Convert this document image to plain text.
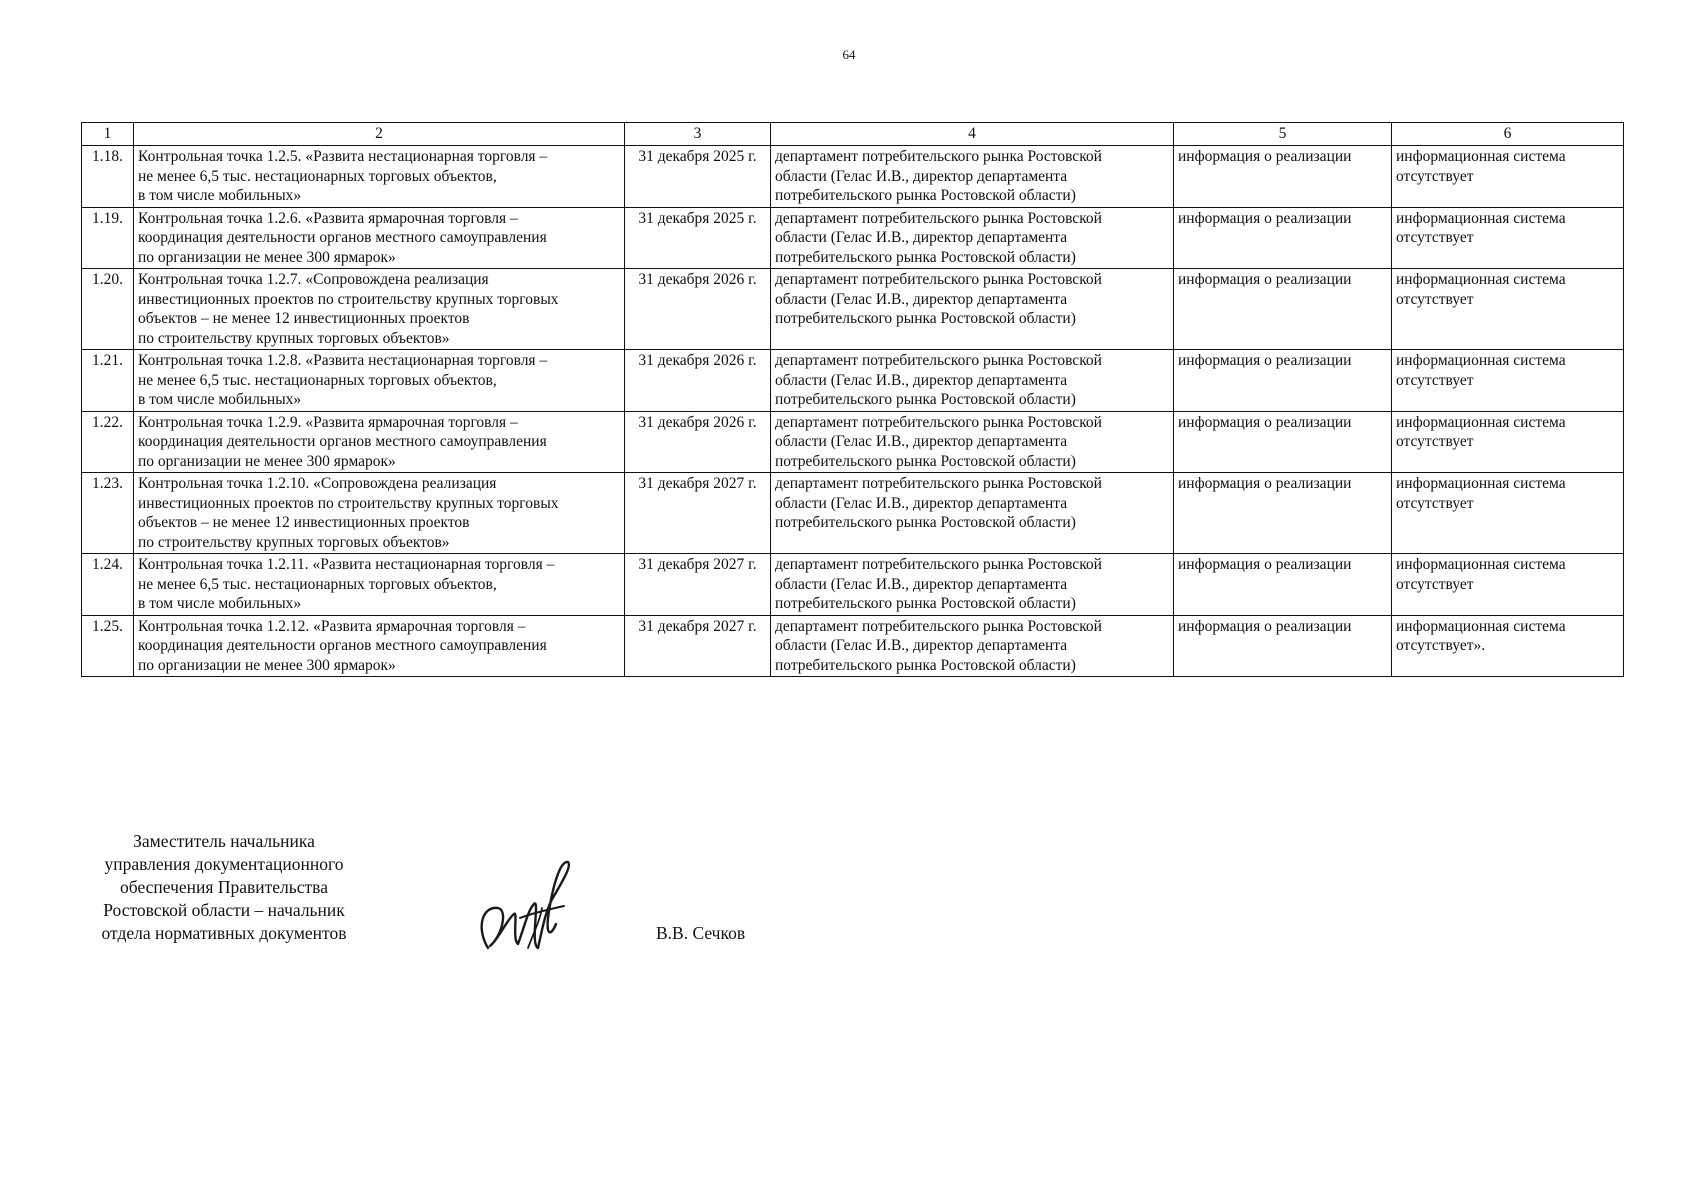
64
1	2	3	4	5	6
1.18.	Контрольная точка 1.2.5. «Развита нестационарная торговля –
не менее 6,5 тыс. нестационарных торговых объектов,
в том числе мобильных»	31 декабря 2025 г.	департамент потребительского рынка Ростовской
области (Гелас И.В., директор департамента
потребительского рынка Ростовской области)	информация о реализации	информационная система
отсутствует
1.19.	Контрольная точка 1.2.6. «Развита ярмарочная торговля –
координация деятельности органов местного самоуправления
по организации не менее 300 ярмарок»	31 декабря 2025 г.	департамент потребительского рынка Ростовской
области (Гелас И.В., директор департамента
потребительского рынка Ростовской области)	информация о реализации	информационная система
отсутствует
1.20.	Контрольная точка 1.2.7. «Сопровождена реализация
инвестиционных проектов по строительству крупных торговых
объектов – не менее 12 инвестиционных проектов
по строительству крупных торговых объектов»	31 декабря 2026 г.	департамент потребительского рынка Ростовской
области (Гелас И.В., директор департамента
потребительского рынка Ростовской области)	информация о реализации	информационная система
отсутствует
1.21.	Контрольная точка 1.2.8. «Развита нестационарная торговля –
не менее 6,5 тыс. нестационарных торговых объектов,
в том числе мобильных»	31 декабря 2026 г.	департамент потребительского рынка Ростовской
области (Гелас И.В., директор департамента
потребительского рынка Ростовской области)	информация о реализации	информационная система
отсутствует
1.22.	Контрольная точка 1.2.9. «Развита ярмарочная торговля –
координация деятельности органов местного самоуправления
по организации не менее 300 ярмарок»	31 декабря 2026 г.	департамент потребительского рынка Ростовской
области (Гелас И.В., директор департамента
потребительского рынка Ростовской области)	информация о реализации	информационная система
отсутствует
1.23.	Контрольная точка 1.2.10. «Сопровождена реализация
инвестиционных проектов по строительству крупных торговых
объектов – не менее 12 инвестиционных проектов
по строительству крупных торговых объектов»	31 декабря 2027 г.	департамент потребительского рынка Ростовской
области (Гелас И.В., директор департамента
потребительского рынка Ростовской области)	информация о реализации	информационная система
отсутствует
1.24.	Контрольная точка 1.2.11. «Развита нестационарная торговля –
не менее 6,5 тыс. нестационарных торговых объектов,
в том числе мобильных»	31 декабря 2027 г.	департамент потребительского рынка Ростовской
области (Гелас И.В., директор департамента
потребительского рынка Ростовской области)	информация о реализации	информационная система
отсутствует
1.25.	Контрольная точка 1.2.12. «Развита ярмарочная торговля –
координация деятельности органов местного самоуправления
по организации не менее 300 ярмарок»	31 декабря 2027 г.	департамент потребительского рынка Ростовской
области (Гелас И.В., директор департамента
потребительского рынка Ростовской области)	информация о реализации	информационная система
отсутствует».
Заместитель начальника
управления документационного
обеспечения Правительства
Ростовской области – начальник
отдела нормативных документов	В.В. Сечков
